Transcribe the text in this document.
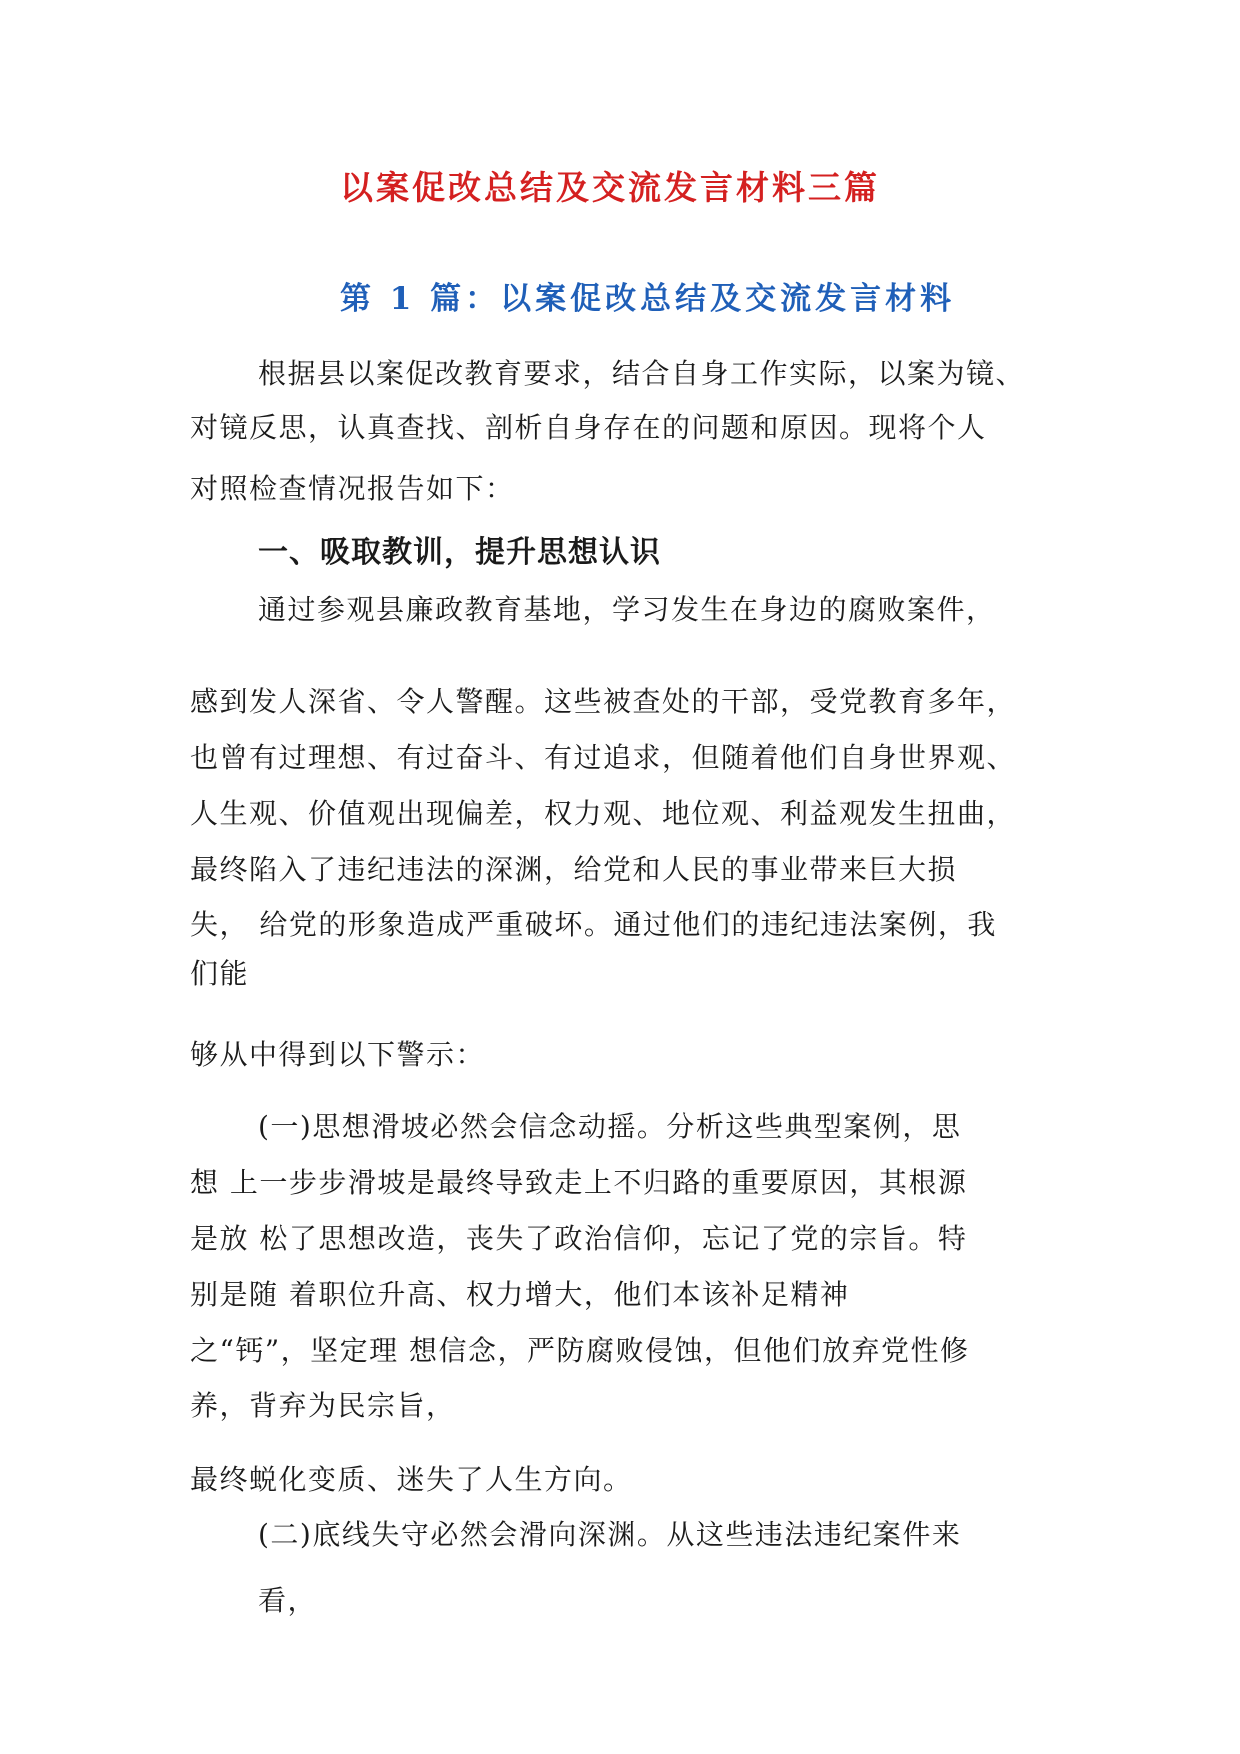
以案促改总结及交流发言材料三篇
第 1 篇：以案促改总结及交流发言材料
根据县以案促改教育要求，结合自身工作实际，以案为镜、
对镜反思，认真查找、剖析自身存在的问题和原因。现将个人
对照检查情况报告如下：
一、吸取教训，提升思想认识
通过参观县廉政教育基地，学习发生在身边的腐败案件，
感到发人深省、令人警醒。这些被查处的干部，受党教育多年，
也曾有过理想、有过奋斗、有过追求，但随着他们自身世界观、
人生观、价值观出现偏差，权力观、地位观、利益观发生扭曲，
最终陷入了违纪违法的深渊，给党和人民的事业带来巨大损
失， 给党的形象造成严重破坏。通过他们的违纪违法案例，我
们能
够从中得到以下警示：
(一)思想滑坡必然会信念动摇。分析这些典型案例，思
想 上一步步滑坡是最终导致走上不归路的重要原因，其根源
是放 松了思想改造，丧失了政治信仰，忘记了党的宗旨。特
别是随 着职位升高、权力增大，他们本该补足精神
之“钙”，坚定理 想信念，严防腐败侵蚀，但他们放弃党性修
养，背弃为民宗旨，
最终蜕化变质、迷失了人生方向。
(二)底线失守必然会滑向深渊。从这些违法违纪案件来
看，
